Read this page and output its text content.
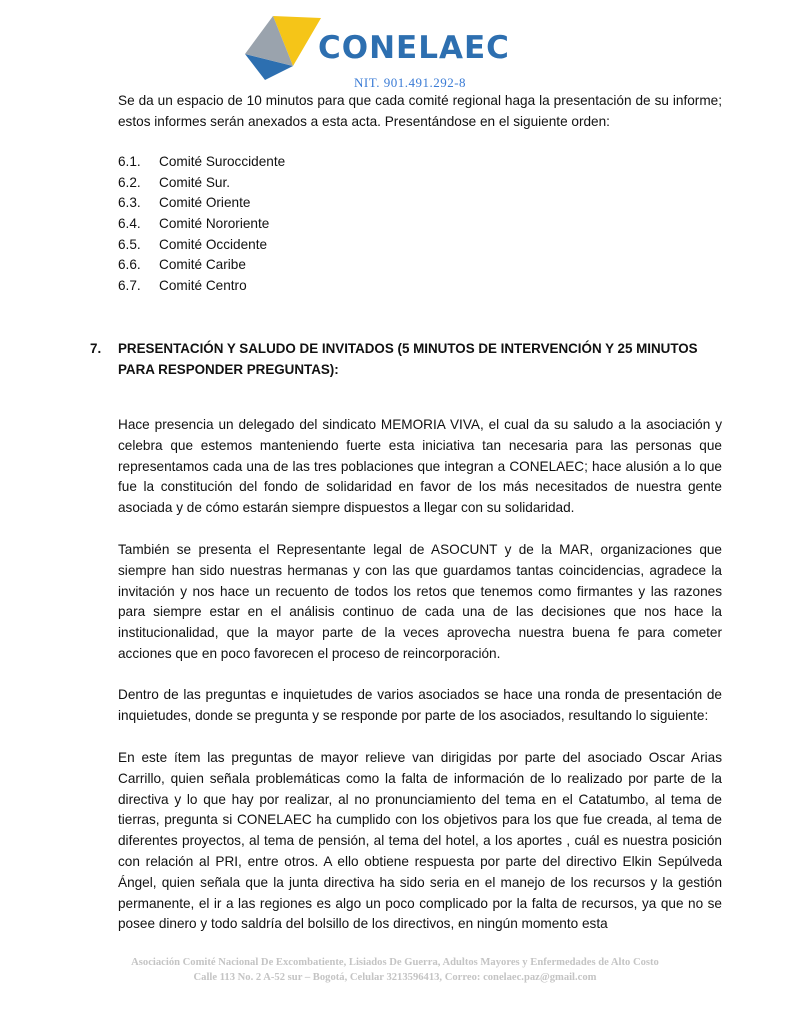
CONELAEC
NIT. 901.491.292-8

Se da un espacio de 10 minutos para que cada comité regional haga la presentación de su informe; estos informes serán anexados a esta acta. Presentándose en el siguiente orden:

6.1.	Comité Suroccidente
6.2.	Comité Sur.
6.3.	Comité Oriente
6.4.	Comité Nororiente
6.5.	Comité Occidente
6.6.	Comité Caribe
6.7.	Comité Centro
7.	PRESENTACIÓN Y SALUDO DE INVITADOS (5 MINUTOS DE INTERVENCIÓN Y 25 MINUTOS PARA RESPONDER PREGUNTAS):

Hace presencia un delegado del sindicato MEMORIA VIVA, el cual da su saludo a la asociación y celebra que estemos manteniendo fuerte esta iniciativa tan necesaria para las personas que representamos cada una de las tres poblaciones que integran a CONELAEC; hace alusión a lo que fue la constitución del fondo de solidaridad en favor de los más necesitados de nuestra gente asociada y de cómo estarán siempre dispuestos a llegar con su solidaridad.

También se presenta el Representante legal de ASOCUNT y de la MAR, organizaciones que siempre han sido nuestras hermanas y con las que guardamos tantas coincidencias, agradece la invitación y nos hace un recuento de todos los retos que tenemos como firmantes y las razones para siempre estar en el análisis continuo de cada una de las decisiones que nos hace la institucionalidad, que la mayor parte de la veces aprovecha nuestra buena fe para cometer acciones que en poco favorecen el proceso de reincorporación.

Dentro de las preguntas e inquietudes de varios asociados se hace una ronda de presentación de inquietudes, donde se pregunta y se responde por parte de los asociados, resultando lo siguiente:

En este ítem las preguntas de mayor relieve van dirigidas por parte del asociado Oscar Arias Carrillo, quien señala problemáticas como la falta de información de lo realizado por parte de la directiva y lo que hay por realizar, al no pronunciamiento del tema en el Catatumbo, al tema de tierras, pregunta si CONELAEC ha cumplido con los objetivos para los que fue creada, al tema de diferentes proyectos, al tema de pensión, al tema del hotel, a los aportes , cuál es nuestra posición con relación al PRI, entre otros. A ello obtiene respuesta por parte del directivo Elkin Sepúlveda Ángel, quien señala que la junta directiva ha sido seria en el manejo de los recursos y la gestión permanente, el ir a las regiones es algo un poco complicado por la falta de recursos, ya que no se posee dinero y todo saldría del bolsillo de los directivos, en ningún momento esta

Asociación Comité Nacional De Excombatiente, Lisiados De Guerra, Adultos Mayores y Enfermedades de Alto Costo
Calle 113 No. 2 A-52 sur – Bogotá, Celular 3213596413, Correo: conelaec.paz@gmail.com
